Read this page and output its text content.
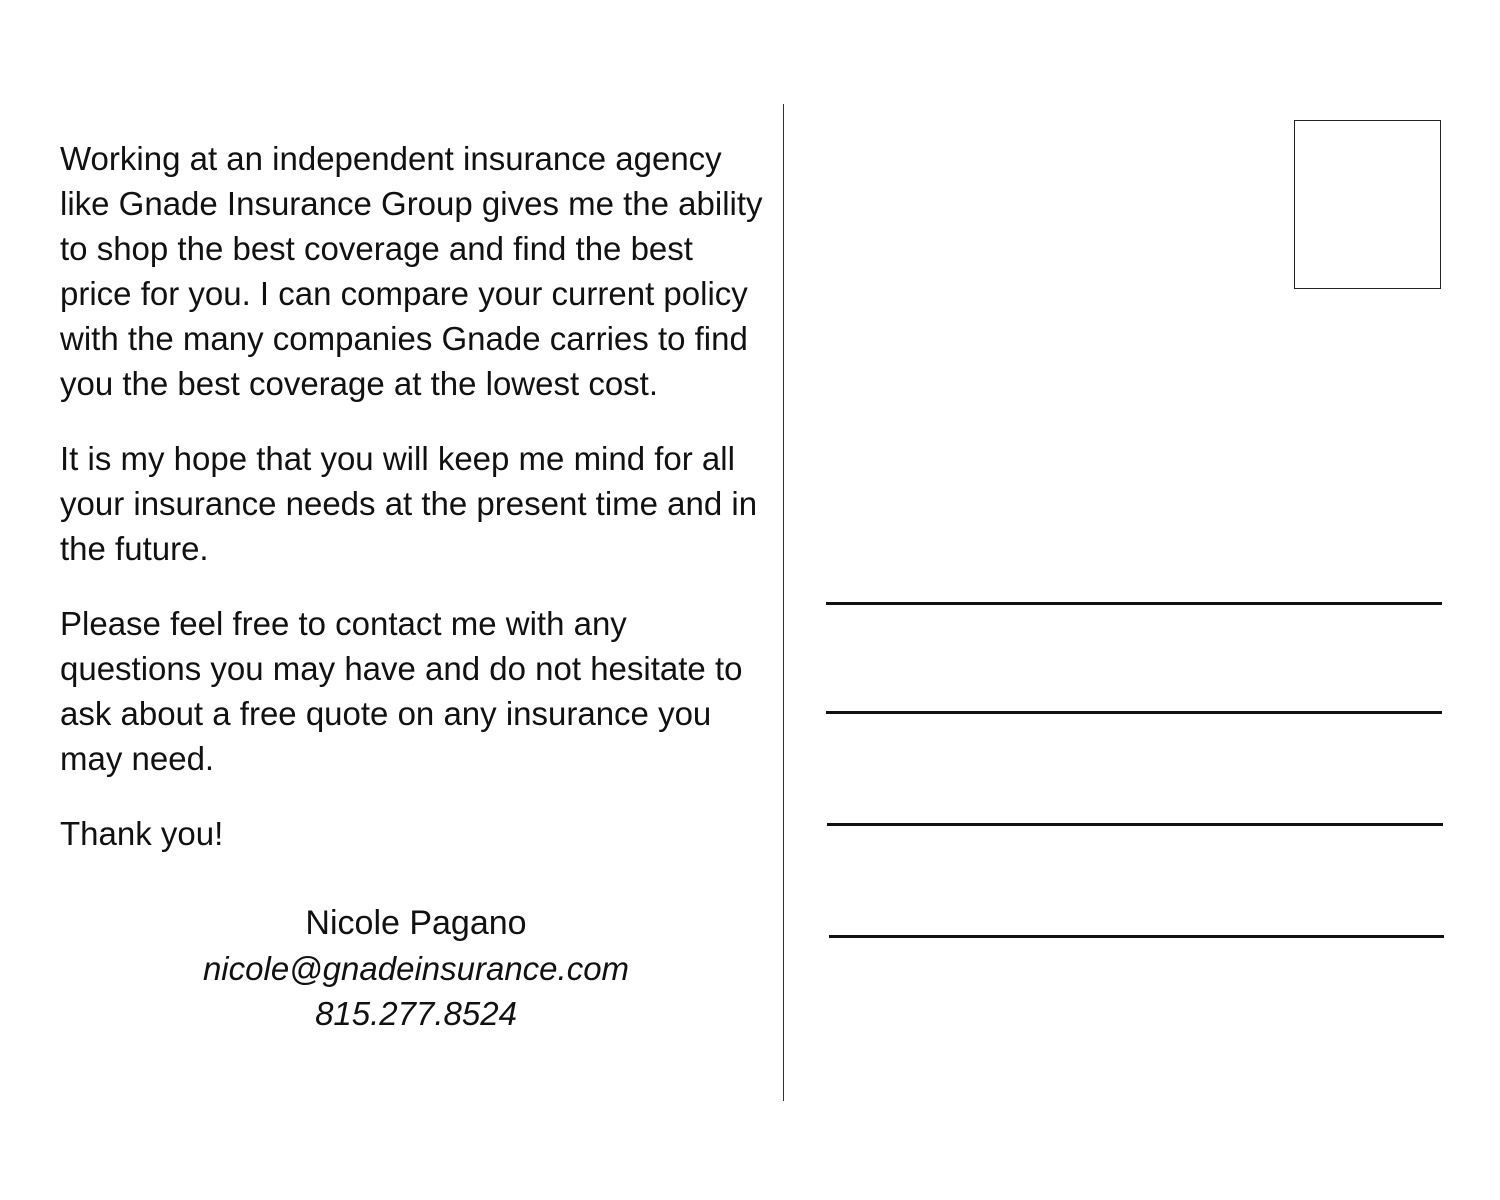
Working at an independent insurance agency like Gnade Insurance Group gives me the ability to shop the best coverage and find the best price for you. I can compare your current policy with the many companies Gnade carries to find you the best coverage at the lowest cost.

It is my hope that you will keep me mind for all your insurance needs at the present time and in the future.

Please feel free to contact me with any questions you may have and do not hesitate to ask about a free quote on any insurance you may need.

Thank you!

Nicole Pagano
nicole@gnadeinsurance.com
815.277.8524
